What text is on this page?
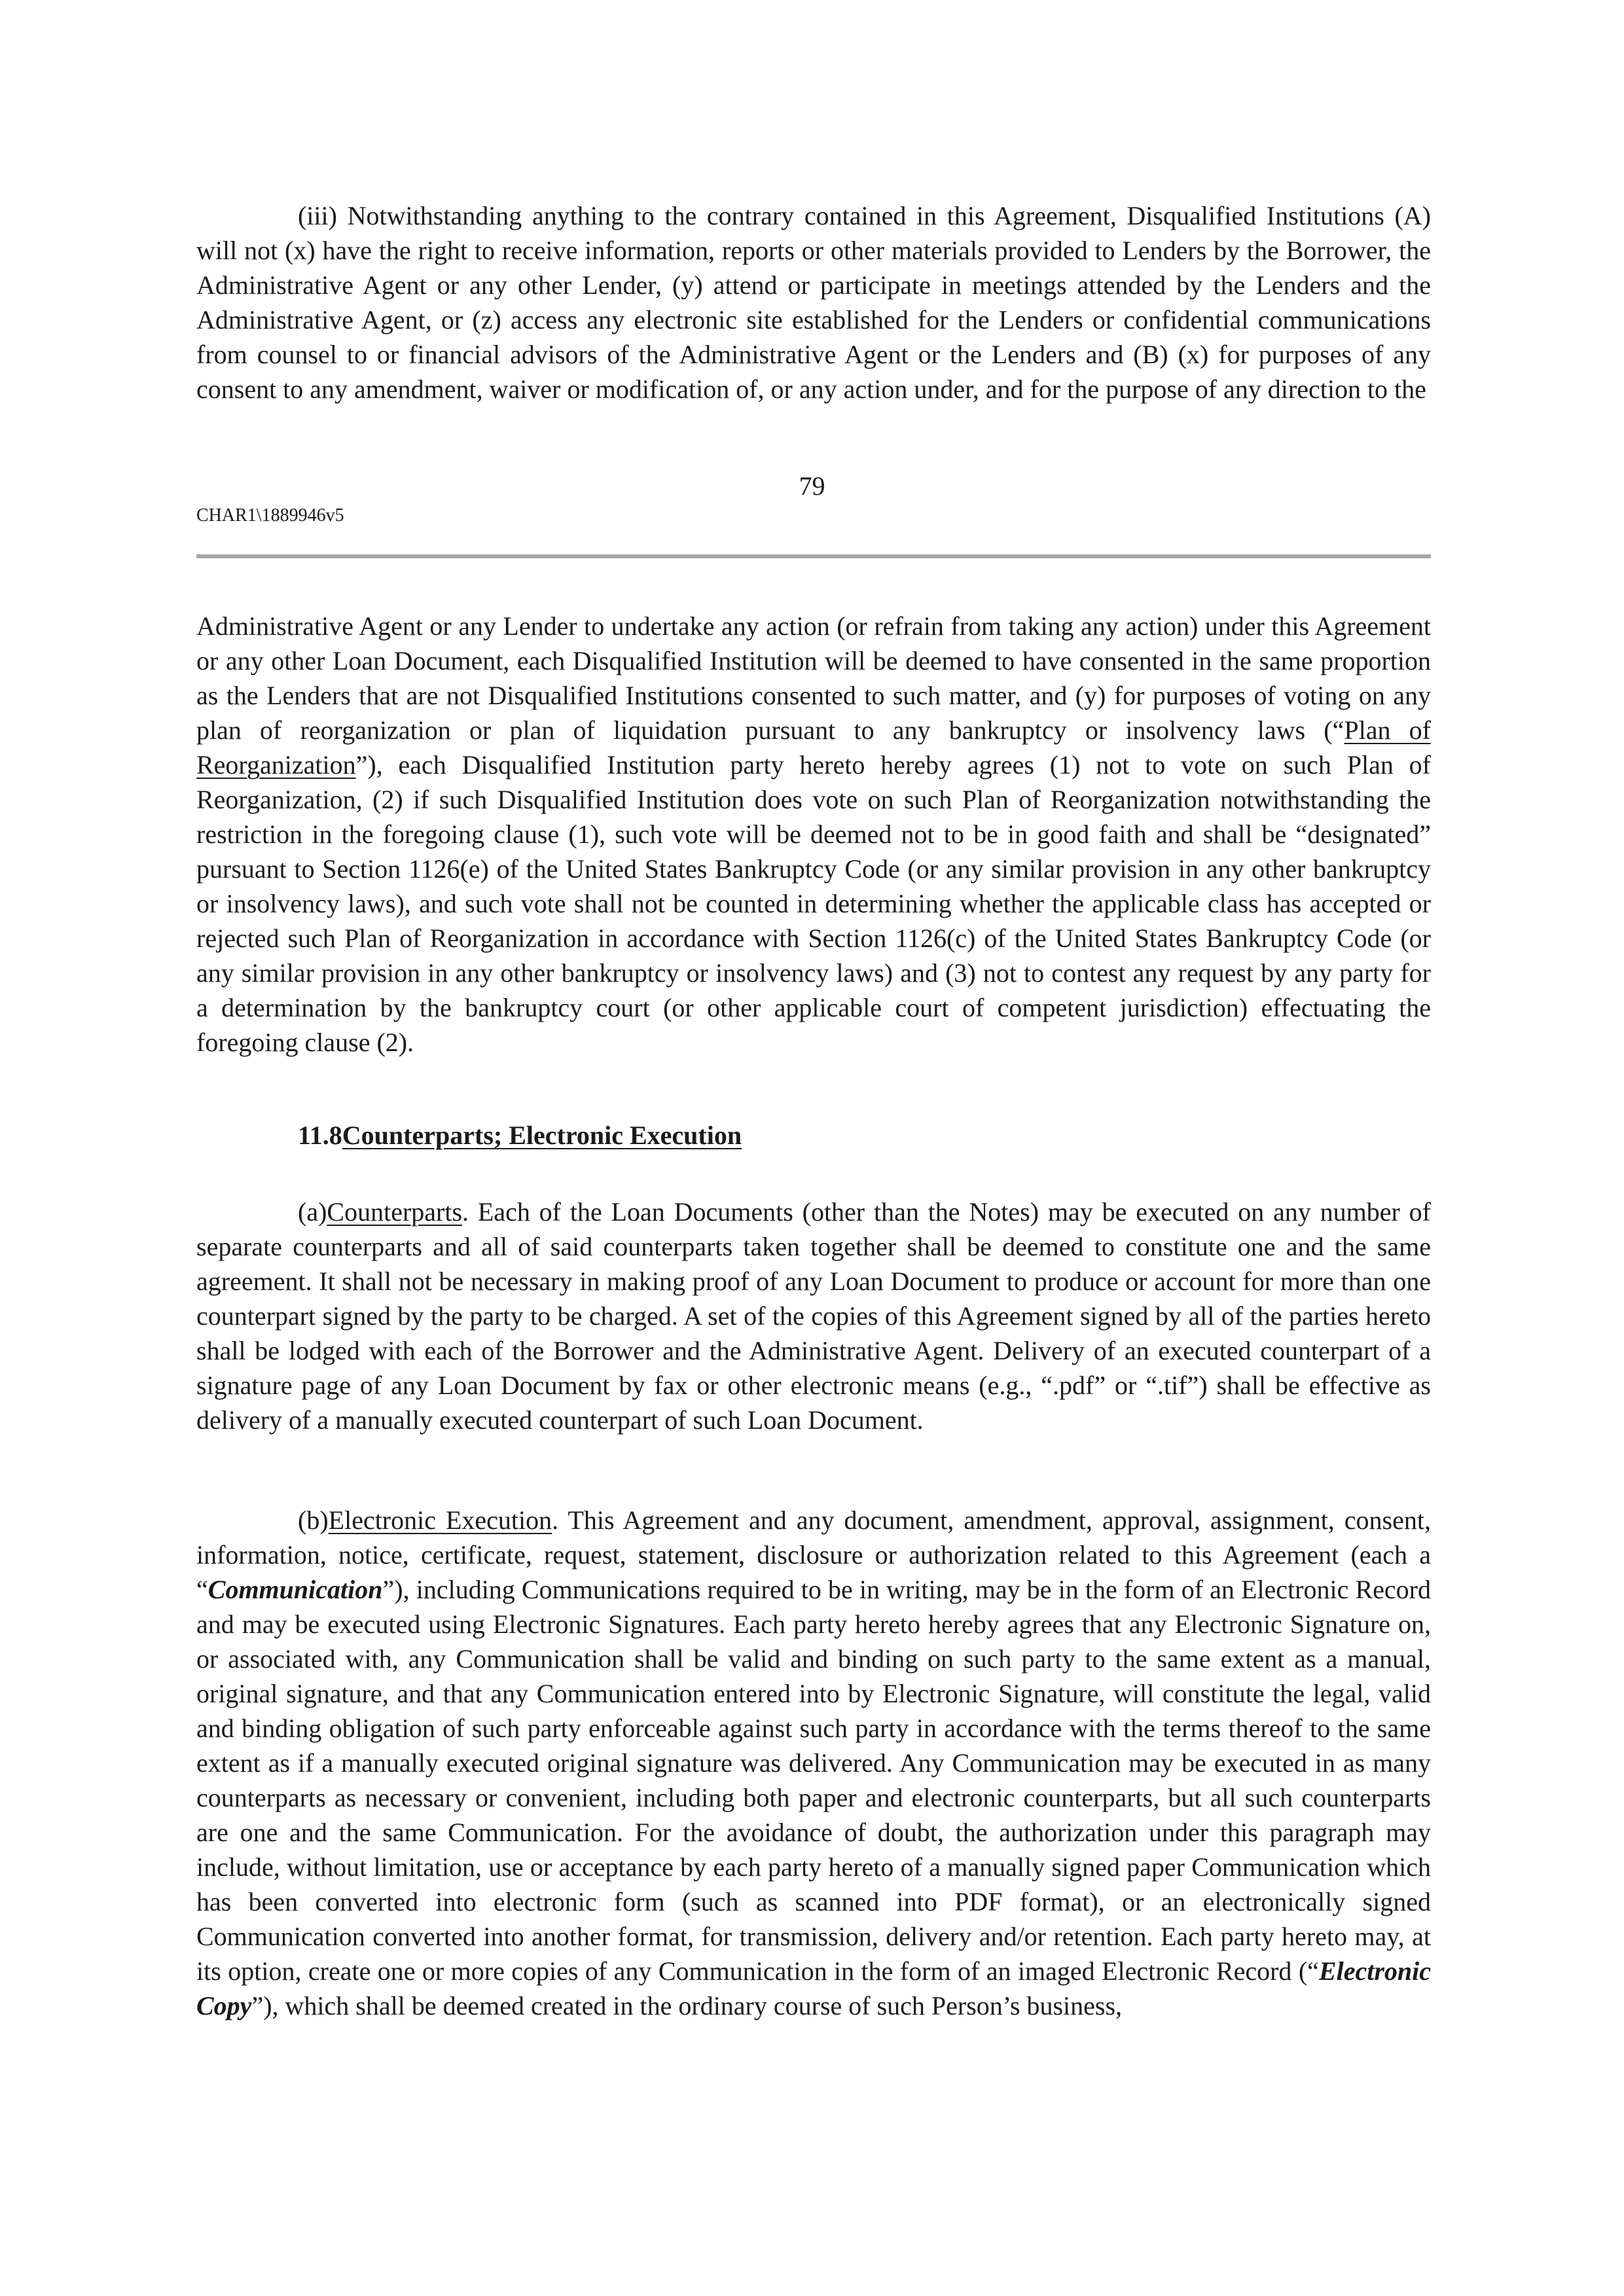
(iii) Notwithstanding anything to the contrary contained in this Agreement, Disqualified Institutions (A) will not (x) have the right to receive information, reports or other materials provided to Lenders by the Borrower, the Administrative Agent or any other Lender, (y) attend or participate in meetings attended by the Lenders and the Administrative Agent, or (z) access any electronic site established for the Lenders or confidential communications from counsel to or financial advisors of the Administrative Agent or the Lenders and (B) (x) for purposes of any consent to any amendment, waiver or modification of, or any action under, and for the purpose of any direction to the

79
CHAR1\1889946v5

Administrative Agent or any Lender to undertake any action (or refrain from taking any action) under this Agreement or any other Loan Document, each Disqualified Institution will be deemed to have consented in the same proportion as the Lenders that are not Disqualified Institutions consented to such matter, and (y) for purposes of voting on any plan of reorganization or plan of liquidation pursuant to any bankruptcy or insolvency laws (“Plan of Reorganization”), each Disqualified Institution party hereto hereby agrees (1) not to vote on such Plan of Reorganization, (2) if such Disqualified Institution does vote on such Plan of Reorganization notwithstanding the restriction in the foregoing clause (1), such vote will be deemed not to be in good faith and shall be “designated” pursuant to Section 1126(e) of the United States Bankruptcy Code (or any similar provision in any other bankruptcy or insolvency laws), and such vote shall not be counted in determining whether the applicable class has accepted or rejected such Plan of Reorganization in accordance with Section 1126(c) of the United States Bankruptcy Code (or any similar provision in any other bankruptcy or insolvency laws) and (3) not to contest any request by any party for a determination by the bankruptcy court (or other applicable court of competent jurisdiction) effectuating the foregoing clause (2).

11.8Counterparts; Electronic Execution

(a)Counterparts. Each of the Loan Documents (other than the Notes) may be executed on any number of separate counterparts and all of said counterparts taken together shall be deemed to constitute one and the same agreement. It shall not be necessary in making proof of any Loan Document to produce or account for more than one counterpart signed by the party to be charged. A set of the copies of this Agreement signed by all of the parties hereto shall be lodged with each of the Borrower and the Administrative Agent. Delivery of an executed counterpart of a signature page of any Loan Document by fax or other electronic means (e.g., “.pdf” or “.tif”) shall be effective as delivery of a manually executed counterpart of such Loan Document.

(b)Electronic Execution. This Agreement and any document, amendment, approval, assignment, consent, information, notice, certificate, request, statement, disclosure or authorization related to this Agreement (each a “Communication”), including Communications required to be in writing, may be in the form of an Electronic Record and may be executed using Electronic Signatures. Each party hereto hereby agrees that any Electronic Signature on, or associated with, any Communication shall be valid and binding on such party to the same extent as a manual, original signature, and that any Communication entered into by Electronic Signature, will constitute the legal, valid and binding obligation of such party enforceable against such party in accordance with the terms thereof to the same extent as if a manually executed original signature was delivered. Any Communication may be executed in as many counterparts as necessary or convenient, including both paper and electronic counterparts, but all such counterparts are one and the same Communication. For the avoidance of doubt, the authorization under this paragraph may include, without limitation, use or acceptance by each party hereto of a manually signed paper Communication which has been converted into electronic form (such as scanned into PDF format), or an electronically signed Communication converted into another format, for transmission, delivery and/or retention. Each party hereto may, at its option, create one or more copies of any Communication in the form of an imaged Electronic Record (“Electronic Copy”), which shall be deemed created in the ordinary course of such Person’s business,
